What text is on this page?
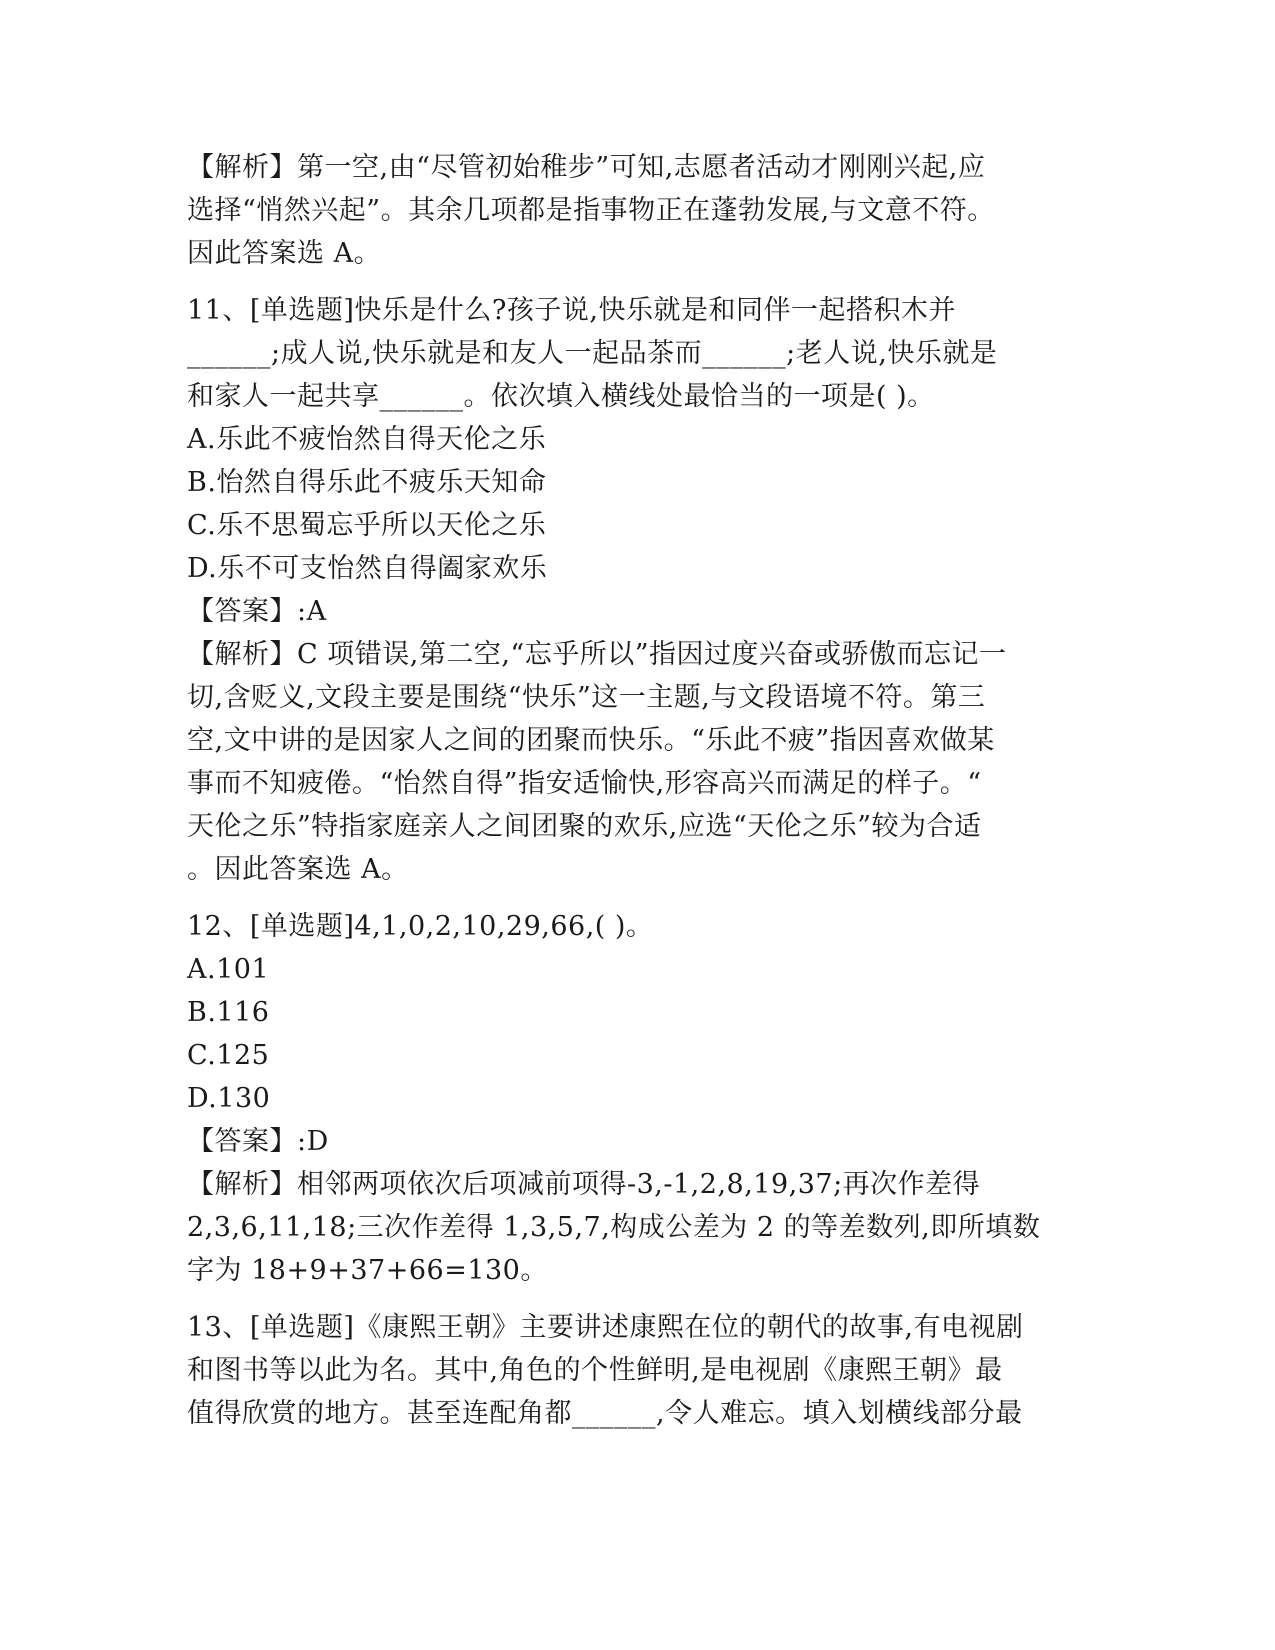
【解析】第一空,由“尽管初始稚步”可知,志愿者活动才刚刚兴起,应
选择“悄然兴起”。其余几项都是指事物正在蓬勃发展,与文意不符。
因此答案选 A。
11、[单选题]快乐是什么?孩子说,快乐就是和同伴一起搭积木并
______;成人说,快乐就是和友人一起品茶而______;老人说,快乐就是
和家人一起共享______。依次填入横线处最恰当的一项是( )。
A.乐此不疲怡然自得天伦之乐
B.怡然自得乐此不疲乐天知命
C.乐不思蜀忘乎所以天伦之乐
D.乐不可支怡然自得阖家欢乐
【答案】:A
【解析】C 项错误,第二空,“忘乎所以”指因过度兴奋或骄傲而忘记一
切,含贬义,文段主要是围绕“快乐”这一主题,与文段语境不符。第三
空,文中讲的是因家人之间的团聚而快乐。“乐此不疲”指因喜欢做某
事而不知疲倦。“怡然自得”指安适愉快,形容高兴而满足的样子。“
天伦之乐”特指家庭亲人之间团聚的欢乐,应选“天伦之乐”较为合适
。因此答案选 A。
12、[单选题]4,1,0,2,10,29,66,( )。
A.101
B.116
C.125
D.130
【答案】:D
【解析】相邻两项依次后项减前项得-3,-1,2,8,19,37;再次作差得
2,3,6,11,18;三次作差得 1,3,5,7,构成公差为 2 的等差数列,即所填数
字为 18+9+37+66=130。
13、[单选题]《康熙王朝》主要讲述康熙在位的朝代的故事,有电视剧
和图书等以此为名。其中,角色的个性鲜明,是电视剧《康熙王朝》最
值得欣赏的地方。甚至连配角都______,令人难忘。填入划横线部分最
